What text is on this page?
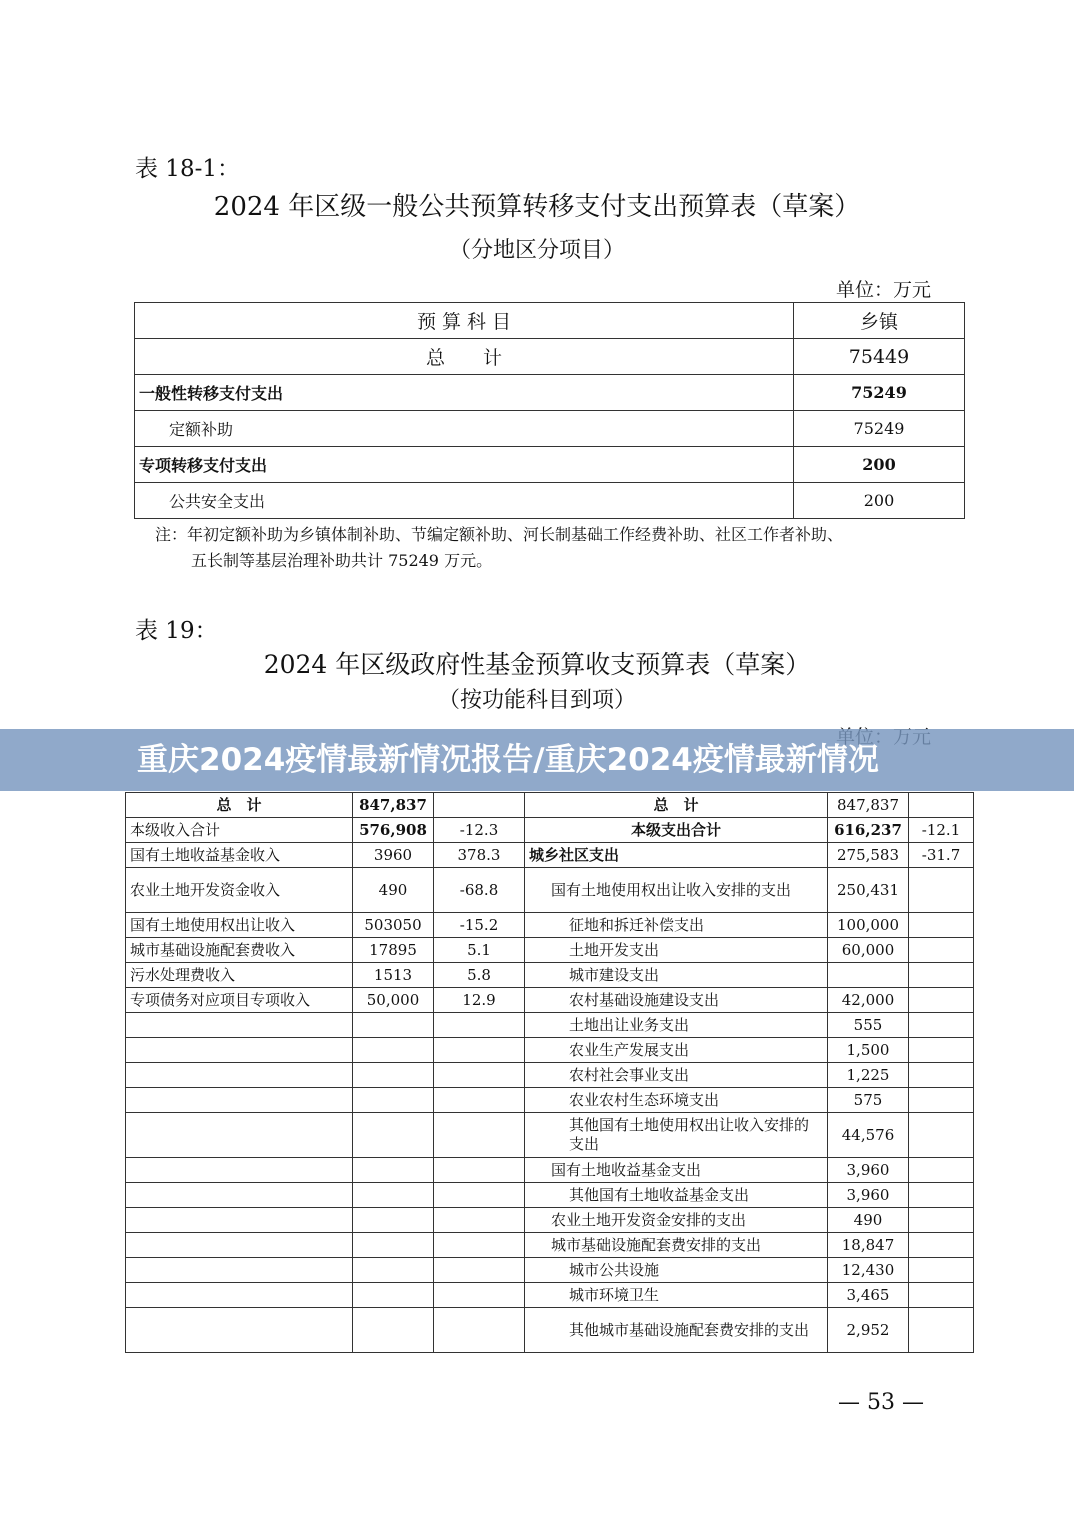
表 18-1：
2024 年区级一般公共预算转移支付支出预算表（草案）
（分地区分项目）
单位：万元
预 算 科 目	乡镇
总　　计	75449
一般性转移支付支出	75249
定额补助	75249
专项转移支付支出	200
公共安全支出	200
注：年初定额补助为乡镇体制补助、节编定额补助、河长制基础工作经费补助、社区工作者补助、
五长制等基层治理补助共计 75249 万元。
表 19：
2024 年区级政府性基金预算收支预算表（草案）
（按功能科目到项）
总　计	847,837		总　计	847,837	
本级收入合计	576,908	-12.3	本级支出合计	616,237	-12.1
国有土地收益基金收入	3960	378.3	城乡社区支出	275,583	-31.7
农业土地开发资金收入	490	-68.8	国有土地使用权出让收入安排的支出	250,431	
国有土地使用权出让收入	503050	-15.2	征地和拆迁补偿支出	100,000	
城市基础设施配套费收入	17895	5.1	土地开发支出	60,000	
污水处理费收入	1513	5.8	城市建设支出		
专项债务对应项目专项收入	50,000	12.9	农村基础设施建设支出	42,000	
			土地出让业务支出	555	
			农业生产发展支出	1,500	
			农村社会事业支出	1,225	
			农业农村生态环境支出	575	
			其他国有土地使用权出让收入安排的支出	44,576	
			国有土地收益基金支出	3,960	
			其他国有土地收益基金支出	3,960	
			农业土地开发资金安排的支出	490	
			城市基础设施配套费安排的支出	18,847	
			城市公共设施	12,430	
			城市环境卫生	3,465	
			其他城市基础设施配套费安排的支出	2,952	
— 53 —
重庆2024疫情最新情况报告/重庆2024疫情最新情况
